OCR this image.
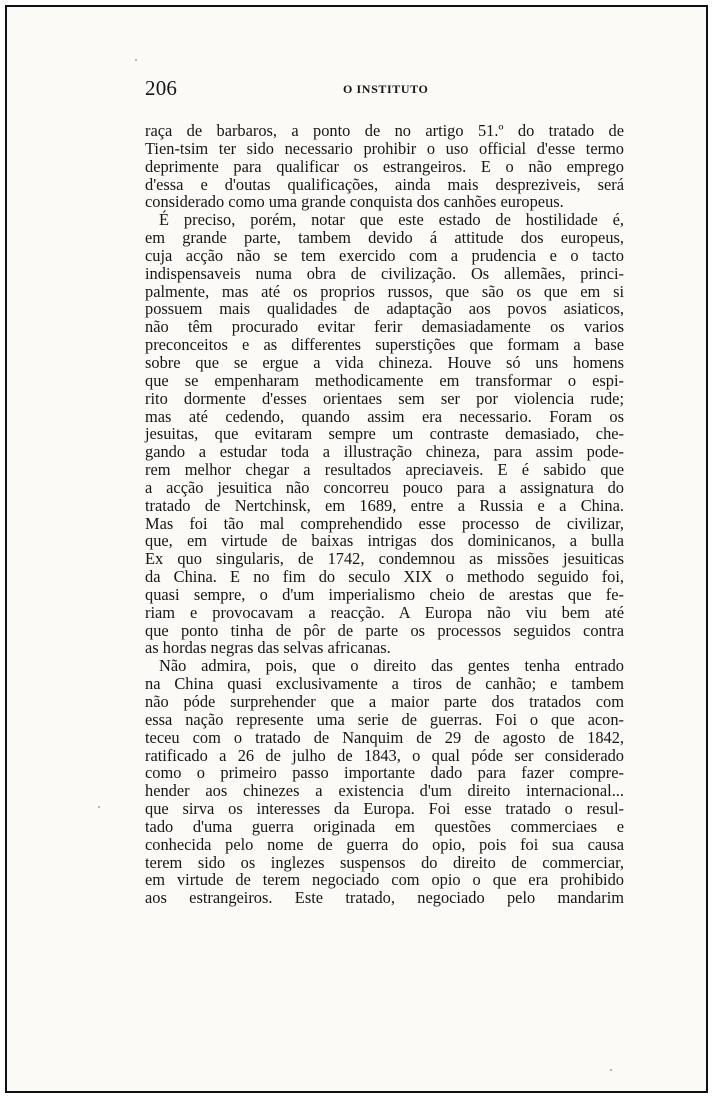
206	O INSTITUTO
raça de barbaros, a ponto de no artigo 51.º do tratado de
Tien-tsim ter sido necessario prohibir o uso official d'esse termo
deprimente para qualificar os estrangeiros. E o não emprego
d'essa e d'outas qualificações, ainda mais despreziveis, será
considerado como uma grande conquista dos canhões europeus.
É preciso, porém, notar que este estado de hostilidade é,
em grande parte, tambem devido á attitude dos europeus,
cuja acção não se tem exercido com a prudencia e o tacto
indispensaveis numa obra de civilização. Os allemães, princi-
palmente, mas até os proprios russos, que são os que em si
possuem mais qualidades de adaptação aos povos asiaticos,
não têm procurado evitar ferir demasiadamente os varios
preconceitos e as differentes superstições que formam a base
sobre que se ergue a vida chineza. Houve só uns homens
que se empenharam methodicamente em transformar o espi-
rito dormente d'esses orientaes sem ser por violencia rude;
mas até cedendo, quando assim era necessario. Foram os
jesuitas, que evitaram sempre um contraste demasiado, che-
gando a estudar toda a illustração chineza, para assim pode-
rem melhor chegar a resultados apreciaveis. E é sabido que
a acção jesuitica não concorreu pouco para a assignatura do
tratado de Nertchinsk, em 1689, entre a Russia e a China.
Mas foi tão mal comprehendido esse processo de civilizar,
que, em virtude de baixas intrigas dos dominicanos, a bulla
Ex quo singularis, de 1742, condemnou as missões jesuiticas
da China. E no fim do seculo XIX o methodo seguido foi,
quasi sempre, o d'um imperialismo cheio de arestas que fe-
riam e provocavam a reacção. A Europa não viu bem até
que ponto tinha de pôr de parte os processos seguidos contra
as hordas negras das selvas africanas.
Não admira, pois, que o direito das gentes tenha entrado
na China quasi exclusivamente a tiros de canhão; e tambem
não póde surprehender que a maior parte dos tratados com
essa nação represente uma serie de guerras. Foi o que acon-
teceu com o tratado de Nanquim de 29 de agosto de 1842,
ratificado a 26 de julho de 1843, o qual póde ser considerado
como o primeiro passo importante dado para fazer compre-
hender aos chinezes a existencia d'um direito internacional...
que sirva os interesses da Europa. Foi esse tratado o resul-
tado d'uma guerra originada em questões commerciaes e
conhecida pelo nome de guerra do opio, pois foi sua causa
terem sido os inglezes suspensos do direito de commerciar,
em virtude de terem negociado com opio o que era prohibido
aos estrangeiros. Este tratado, negociado pelo mandarim
